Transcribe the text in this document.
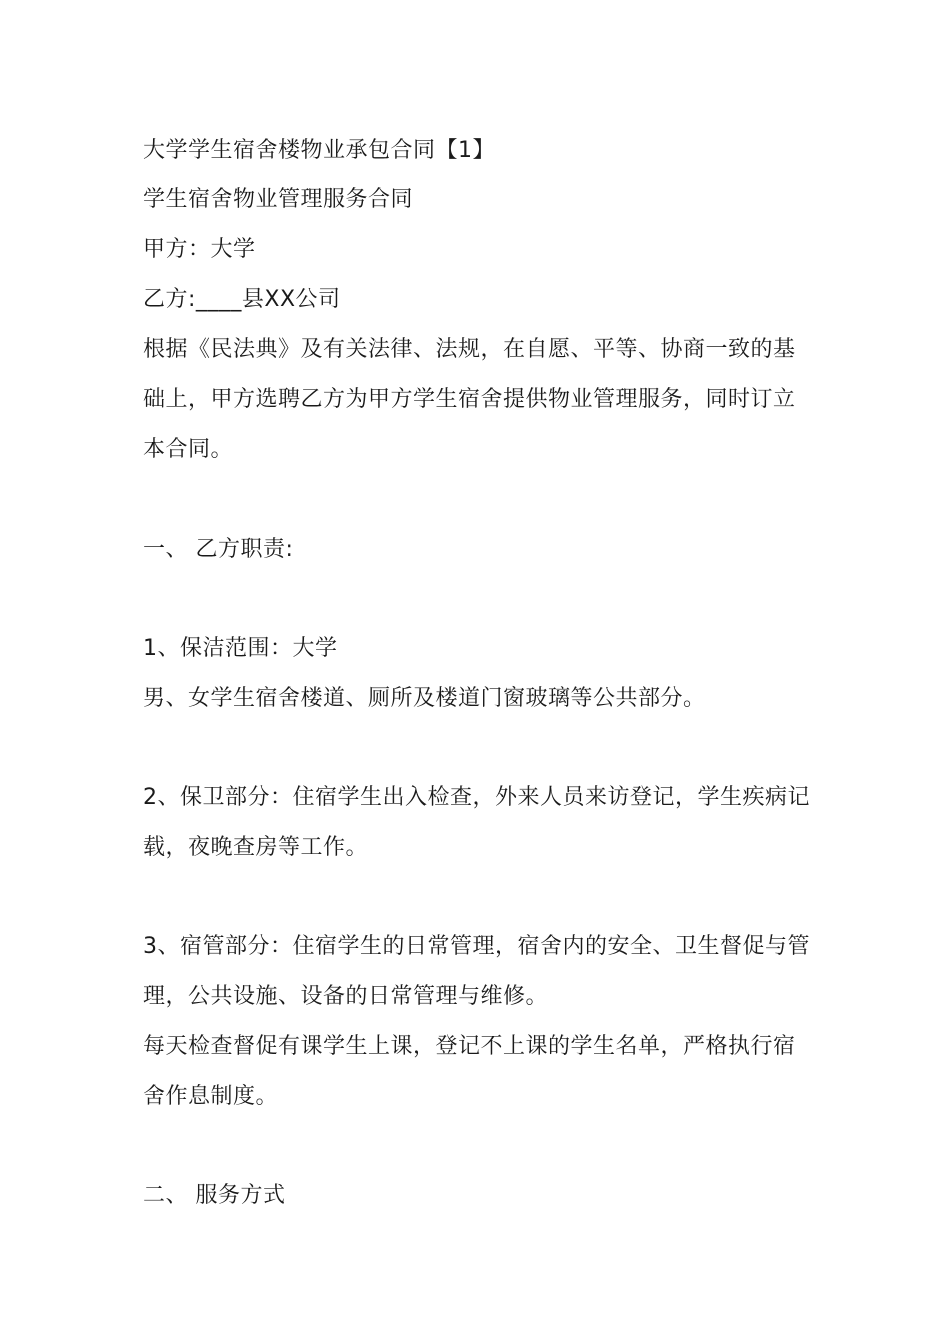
大学学生宿舍楼物业承包合同【1】
学生宿舍物业管理服务合同
甲方：大学
乙方:____县XX公司
根据《民法典》及有关法律、法规，在自愿、平等、协商一致的基
础上，甲方选聘乙方为甲方学生宿舍提供物业管理服务，同时订立
本合同。
一、 乙方职责:
1、保洁范围：大学
男、女学生宿舍楼道、厕所及楼道门窗玻璃等公共部分。
2、保卫部分：住宿学生出入检查，外来人员来访登记，学生疾病记
载，夜晚查房等工作。
3、宿管部分：住宿学生的日常管理，宿舍内的安全、卫生督促与管
理，公共设施、设备的日常管理与维修。
每天检查督促有课学生上课，登记不上课的学生名单，严格执行宿
舍作息制度。
二、 服务方式
